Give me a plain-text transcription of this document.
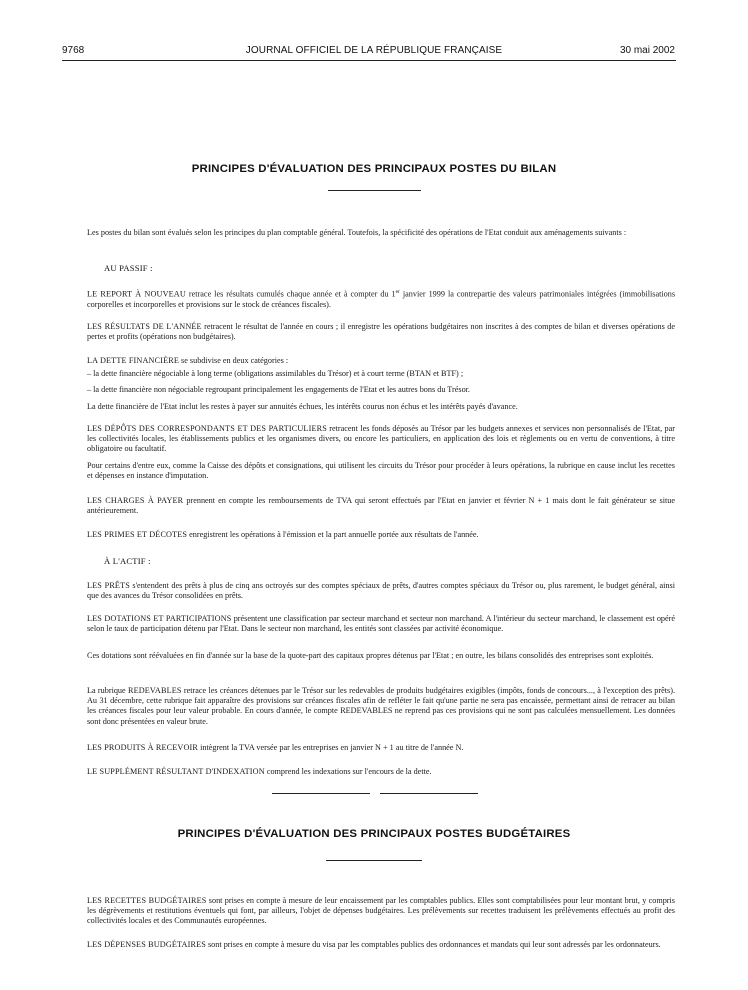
JOURNAL OFFICIEL DE LA RÉPUBLIQUE FRANÇAISE
9768	30 mai 2002
PRINCIPES D'ÉVALUATION DES PRINCIPAUX POSTES DU BILAN

Les postes du bilan sont évalués selon les principes du plan comptable général. Toutefois, la spécificité des opérations de l'Etat conduit aux aménagements suivants :

AU PASSIF :

LE REPORT À NOUVEAU retrace les résultats cumulés chaque année et à compter du 1er janvier 1999 la contrepartie des valeurs patrimoniales intégrées (immobilisations corporelles et incorporelles et provisions sur le stock de créances fiscales).

LES RÉSULTATS DE L'ANNÉE retracent le résultat de l'année en cours ; il enregistre les opérations budgétaires non inscrites à des comptes de bilan et diverses opérations de pertes et profits (opérations non budgétaires).

LA DETTE FINANCIÈRE se subdivise en deux catégories :

– la dette financière négociable à long terme (obligations assimilables du Trésor) et à court terme (BTAN et BTF) ;

– la dette financière non négociable regroupant principalement les engagements de l'Etat et les autres bons du Trésor.

La dette financière de l'Etat inclut les restes à payer sur annuités échues, les intérêts courus non échus et les intérêts payés d'avance.

LES DÉPÔTS DES CORRESPONDANTS ET DES PARTICULIERS retracent les fonds déposés au Trésor par les budgets annexes et services non personnalisés de l'Etat, par les collectivités locales, les établissements publics et les organismes divers, ou encore les particuliers, en application des lois et règlements ou en vertu de conventions, à titre obligatoire ou facultatif.

Pour certains d'entre eux, comme la Caisse des dépôts et consignations, qui utilisent les circuits du Trésor pour procéder à leurs opérations, la rubrique en cause inclut les recettes et dépenses en instance d'imputation.

LES CHARGES À PAYER prennent en compte les remboursements de TVA qui seront effectués par l'Etat en janvier et février N + 1 mais dont le fait générateur se situe antérieurement.

LES PRIMES ET DÉCOTES enregistrent les opérations à l'émission et la part annuelle portée aux résultats de l'année.

À L'ACTIF :

LES PRÊTS s'entendent des prêts à plus de cinq ans octroyés sur des comptes spéciaux de prêts, d'autres comptes spéciaux du Trésor ou, plus rarement, le budget général, ainsi que des avances du Trésor consolidées en prêts.

LES DOTATIONS ET PARTICIPATIONS présentent une classification par secteur marchand et secteur non marchand. A l'intérieur du secteur marchand, le classement est opéré selon le taux de participation détenu par l'Etat. Dans le secteur non marchand, les entités sont classées par activité économique.

Ces dotations sont réévaluées en fin d'année sur la base de la quote-part des capitaux propres détenus par l'Etat ; en outre, les bilans consolidés des entreprises sont exploités.

La rubrique REDEVABLES retrace les créances détenues par le Trésor sur les redevables de produits budgétaires exigibles (impôts, fonds de concours..., à l'exception des prêts). Au 31 décembre, cette rubrique fait apparaître des provisions sur créances fiscales afin de refléter le fait qu'une partie ne sera pas encaissée, permettant ainsi de retracer au bilan les créances fiscales pour leur valeur probable. En cours d'année, le compte REDEVABLES ne reprend pas ces provisions qui ne sont pas calculées mensuellement. Les données sont donc présentées en valeur brute.

LES PRODUITS À RECEVOIR intègrent la TVA versée par les entreprises en janvier N + 1 au titre de l'année N.

LE SUPPLÉMENT RÉSULTANT D'INDEXATION comprend les indexations sur l'encours de la dette.

PRINCIPES D'ÉVALUATION DES PRINCIPAUX POSTES BUDGÉTAIRES

LES RECETTES BUDGÉTAIRES sont prises en compte à mesure de leur encaissement par les comptables publics. Elles sont comptabilisées pour leur montant brut, y compris les dégrèvements et restitutions éventuels qui font, par ailleurs, l'objet de dépenses budgétaires. Les prélèvements sur recettes traduisent les prélèvements effectués au profit des collectivités locales et des Communautés européennes.

LES DÉPENSES BUDGÉTAIRES sont prises en compte à mesure du visa par les comptables publics des ordonnances et mandats qui leur sont adressés par les ordonnateurs.
